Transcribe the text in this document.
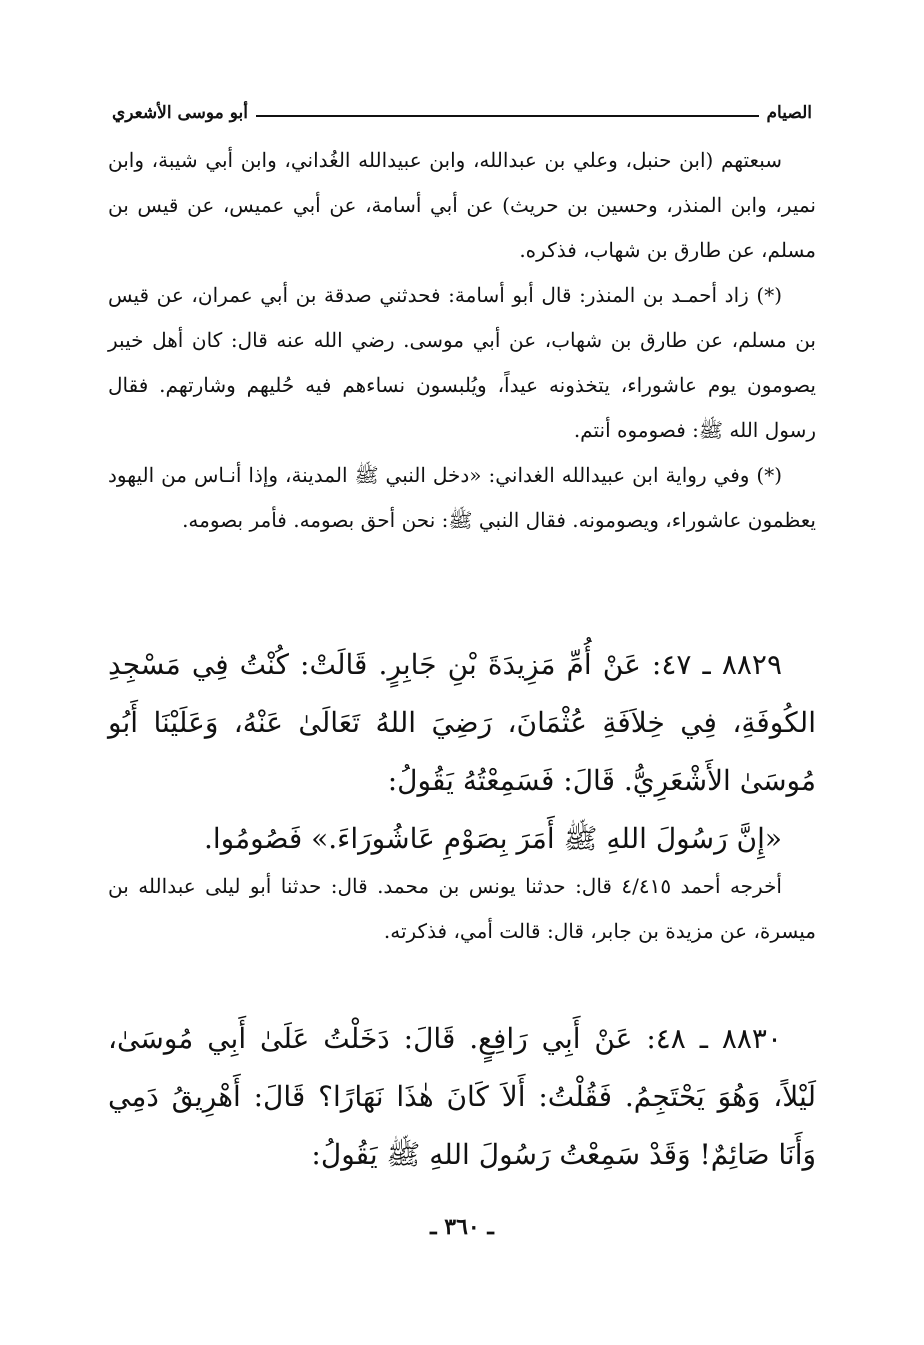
الصيام
أبو موسى الأشعري

سبعتهم (ابن حنبل، وعلي بن عبدالله، وابن عبيدالله الغُداني، وابن أبي شيبة، وابن نمير، وابن المنذر، وحسين بن حريث) عن أبي أسامة، عن أبي عميس، عن قيس بن مسلم، عن طارق بن شهاب، فذكره.

(*) زاد أحمـد بن المنذر: قال أبو أسامة: فحدثني صدقة بن أبي عمران، عن قيس بن مسلم، عن طارق بن شهاب، عن أبي موسى. رضي الله عنه قال: كان أهل خيبر يصومون يوم عاشوراء، يتخذونه عيداً، ويُلبسون نساءهم فيه حُليهم وشارتهم. فقال رسول الله ﷺ: فصوموه أنتم.

(*) وفي رواية ابن عبيدالله الغداني: «دخل النبي ﷺ المدينة، وإذا أنـاس من اليهود يعظمون عاشوراء، ويصومونه. فقال النبي ﷺ: نحن أحق بصومه. فأمر بصومه.

٨٨٢٩ ـ ٤٧: عَنْ أُمِّ مَزِيدَةَ بْنِ جَابِرٍ. قَالَتْ: كُنْتُ فِي مَسْجِدِ الكُوفَةِ، فِي خِلاَفَةِ عُثْمَانَ، رَضِيَ اللهُ تَعَالَىٰ عَنْهُ، وَعَلَيْنَا أَبُو مُوسَىٰ الأَشْعَرِيُّ. قَالَ: فَسَمِعْتُهُ يَقُولُ:

«إِنَّ رَسُولَ اللهِ ﷺ أَمَرَ بِصَوْمِ عَاشُورَاءَ.» فَصُومُوا.

أخرجه أحمد ٤/٤١٥ قال: حدثنا يونس بن محمد. قال: حدثنا أبو ليلى عبدالله بن ميسرة، عن مزيدة بن جابر، قال: قالت أمي، فذكرته.

٨٨٣٠ ـ ٤٨: عَنْ أَبِي رَافِعٍ. قَالَ: دَخَلْتُ عَلَىٰ أَبِي مُوسَىٰ، لَيْلاً، وَهُوَ يَحْتَجِمُ. فَقُلْتُ: أَلاَ كَانَ هٰذَا نَهَارًا؟ قَالَ: أَهْرِيقُ دَمِي وَأَنَا صَائِمٌ! وَقَدْ سَمِعْتُ رَسُولَ اللهِ ﷺ يَقُولُ:

ـ ٣٦٠ ـ
